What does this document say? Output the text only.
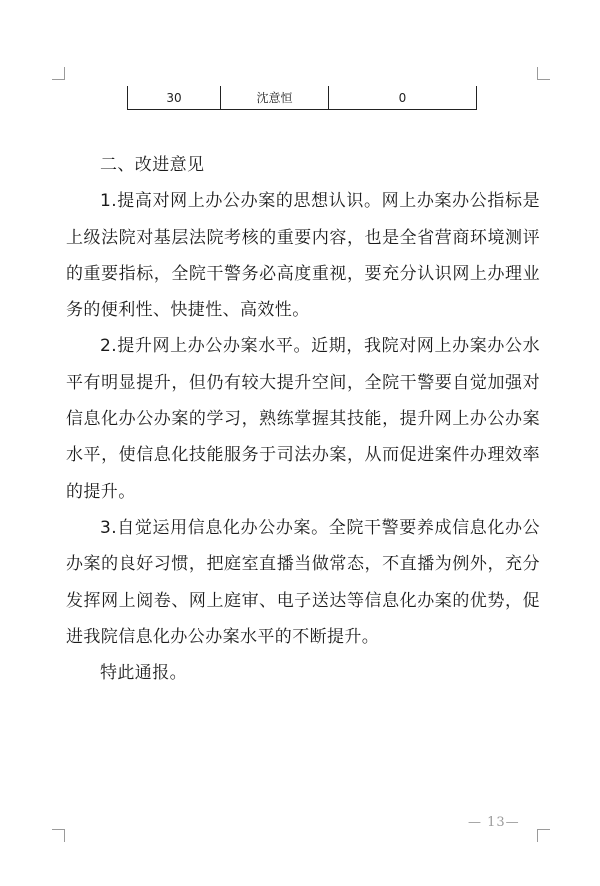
30	沈意恒	0

二、改进意见

1.提高对网上办公办案的思想认识。网上办案办公指标是上级法院对基层法院考核的重要内容，也是全省营商环境测评的重要指标，全院干警务必高度重视，要充分认识网上办理业务的便利性、快捷性、高效性。

2.提升网上办公办案水平。近期，我院对网上办案办公水平有明显提升，但仍有较大提升空间，全院干警要自觉加强对信息化办公办案的学习，熟练掌握其技能，提升网上办公办案水平，使信息化技能服务于司法办案，从而促进案件办理效率的提升。

3.自觉运用信息化办公办案。全院干警要养成信息化办公办案的良好习惯，把庭室直播当做常态，不直播为例外，充分发挥网上阅卷、网上庭审、电子送达等信息化办案的优势，促进我院信息化办公办案水平的不断提升。

特此通报。

— 13—
